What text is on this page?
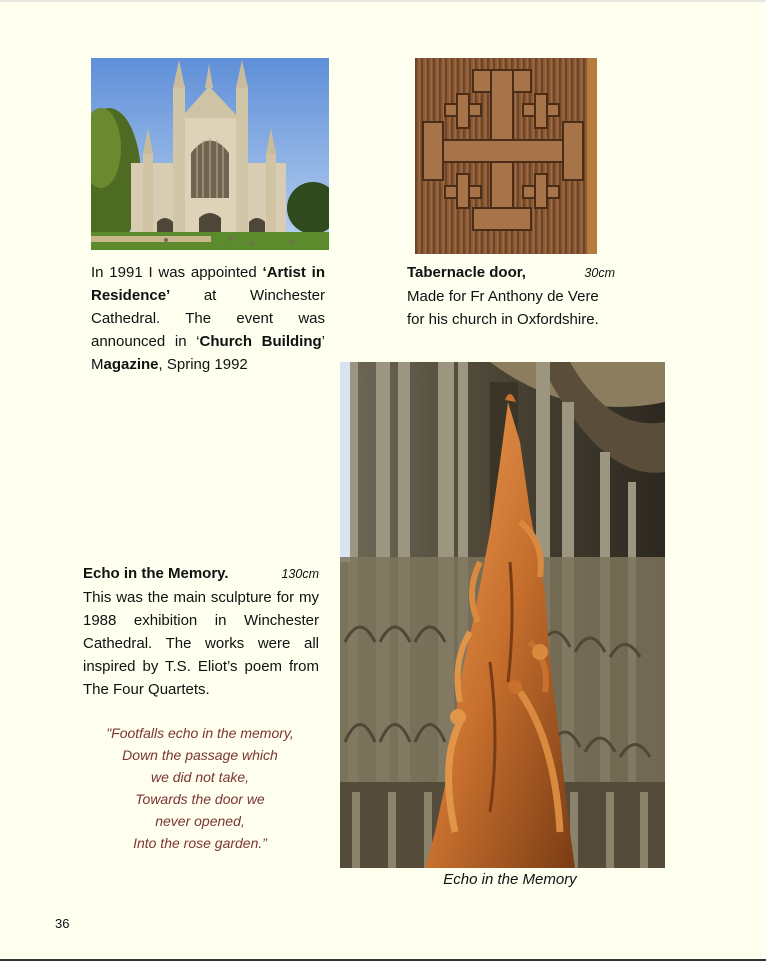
In 1991 I was appointed ‘Artist in Residence’ at Winchester Cathedral. The event was announced in ‘Church Building’ Magazine, Spring 1992
Tabernacle door,	30cm
Made for Fr Anthony de Vere
for his church in Oxfordshire.
Echo in the Memory.	130cm
This was the main sculpture for my 1988 exhibition in Winchester Cathedral. The works were all inspired by T.S. Eliot’s poem from The Four Quartets.
"Footfalls echo in the memory,
Down the passage which
we did not take,
Towards the door we
never opened,
Into the rose garden.”
Echo in the Memory
36
